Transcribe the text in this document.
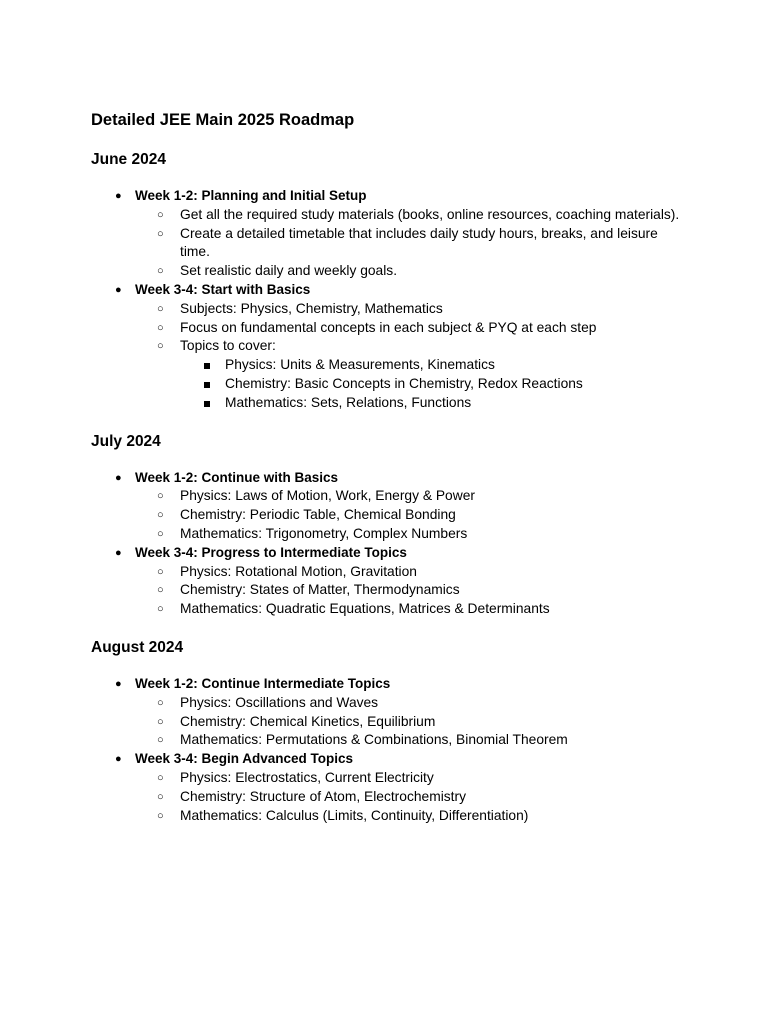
Detailed JEE Main 2025 Roadmap
June 2024
● Week 1-2: Planning and Initial Setup
○ Get all the required study materials (books, online resources, coaching materials).
○ Create a detailed timetable that includes daily study hours, breaks, and leisure time.
○ Set realistic daily and weekly goals.
● Week 3-4: Start with Basics
○ Subjects: Physics, Chemistry, Mathematics
○ Focus on fundamental concepts in each subject & PYQ at each step
○ Topics to cover:
Physics: Units & Measurements, Kinematics
Chemistry: Basic Concepts in Chemistry, Redox Reactions
Mathematics: Sets, Relations, Functions
July 2024
● Week 1-2: Continue with Basics
○ Physics: Laws of Motion, Work, Energy & Power
○ Chemistry: Periodic Table, Chemical Bonding
○ Mathematics: Trigonometry, Complex Numbers
● Week 3-4: Progress to Intermediate Topics
○ Physics: Rotational Motion, Gravitation
○ Chemistry: States of Matter, Thermodynamics
○ Mathematics: Quadratic Equations, Matrices & Determinants
August 2024
● Week 1-2: Continue Intermediate Topics
○ Physics: Oscillations and Waves
○ Chemistry: Chemical Kinetics, Equilibrium
○ Mathematics: Permutations & Combinations, Binomial Theorem
● Week 3-4: Begin Advanced Topics
○ Physics: Electrostatics, Current Electricity
○ Chemistry: Structure of Atom, Electrochemistry
○ Mathematics: Calculus (Limits, Continuity, Differentiation)
